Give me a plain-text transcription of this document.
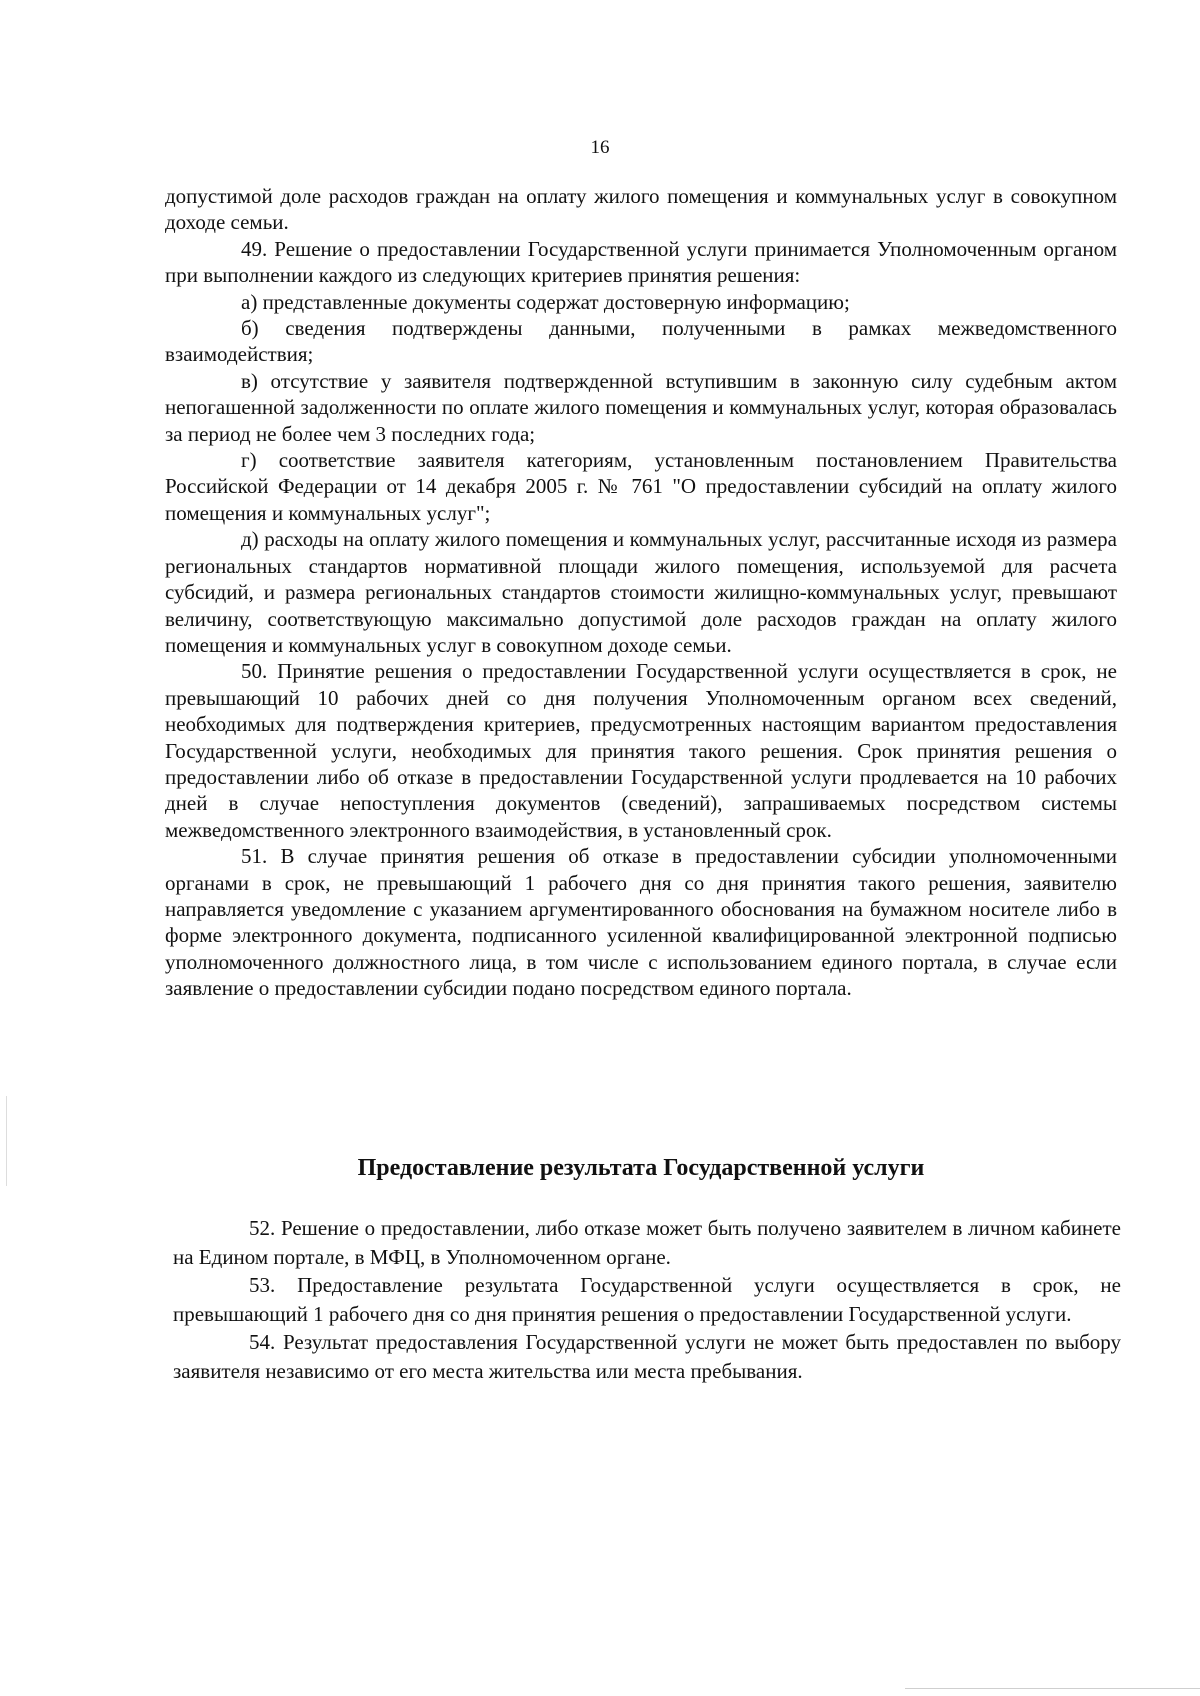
16

допустимой доле расходов граждан на оплату жилого помещения и коммунальных услуг в совокупном доходе семьи.

49. Решение о предоставлении Государственной услуги принимается Уполномоченным органом при выполнении каждого из следующих критериев принятия решения:

а) представленные документы содержат достоверную информацию;

б) сведения подтверждены данными, полученными в рамках межведомственного взаимодействия;

в) отсутствие у заявителя подтвержденной вступившим в законную силу судебным актом непогашенной задолженности по оплате жилого помещения и коммунальных услуг, которая образовалась за период не более чем 3 последних года;

г) соответствие заявителя категориям, установленным постановлением Правительства Российской Федерации от 14 декабря 2005 г. № 761 "О предоставлении субсидий на оплату жилого помещения и коммунальных услуг";

д) расходы на оплату жилого помещения и коммунальных услуг, рассчитанные исходя из размера региональных стандартов нормативной площади жилого помещения, используемой для расчета субсидий, и размера региональных стандартов стоимости жилищно-коммунальных услуг, превышают величину, соответствующую максимально допустимой доле расходов граждан на оплату жилого помещения и коммунальных услуг в совокупном доходе семьи.

50. Принятие решения о предоставлении Государственной услуги осуществляется в срок, не превышающий 10 рабочих дней со дня получения Уполномоченным органом всех сведений, необходимых для подтверждения критериев, предусмотренных настоящим вариантом предоставления Государственной услуги, необходимых для принятия такого решения. Срок принятия решения о предоставлении либо об отказе в предоставлении Государственной услуги продлевается на 10 рабочих дней в случае непоступления документов (сведений), запрашиваемых посредством системы межведомственного электронного взаимодействия, в установленный срок.

51. В случае принятия решения об отказе в предоставлении субсидии уполномоченными органами в срок, не превышающий 1 рабочего дня со дня принятия такого решения, заявителю направляется уведомление с указанием аргументированного обоснования на бумажном носителе либо в форме электронного документа, подписанного усиленной квалифицированной электронной подписью уполномоченного должностного лица, в том числе с использованием единого портала, в случае если заявление о предоставлении субсидии подано посредством единого портала.

Предоставление результата Государственной услуги

52. Решение о предоставлении, либо отказе может быть получено заявителем в личном кабинете на Едином портале, в МФЦ, в Уполномоченном органе.

53. Предоставление результата Государственной услуги осуществляется в срок, не превышающий 1 рабочего дня со дня принятия решения о предоставлении Государственной услуги.

54. Результат предоставления Государственной услуги не может быть предоставлен по выбору заявителя независимо от его места жительства или места пребывания.
